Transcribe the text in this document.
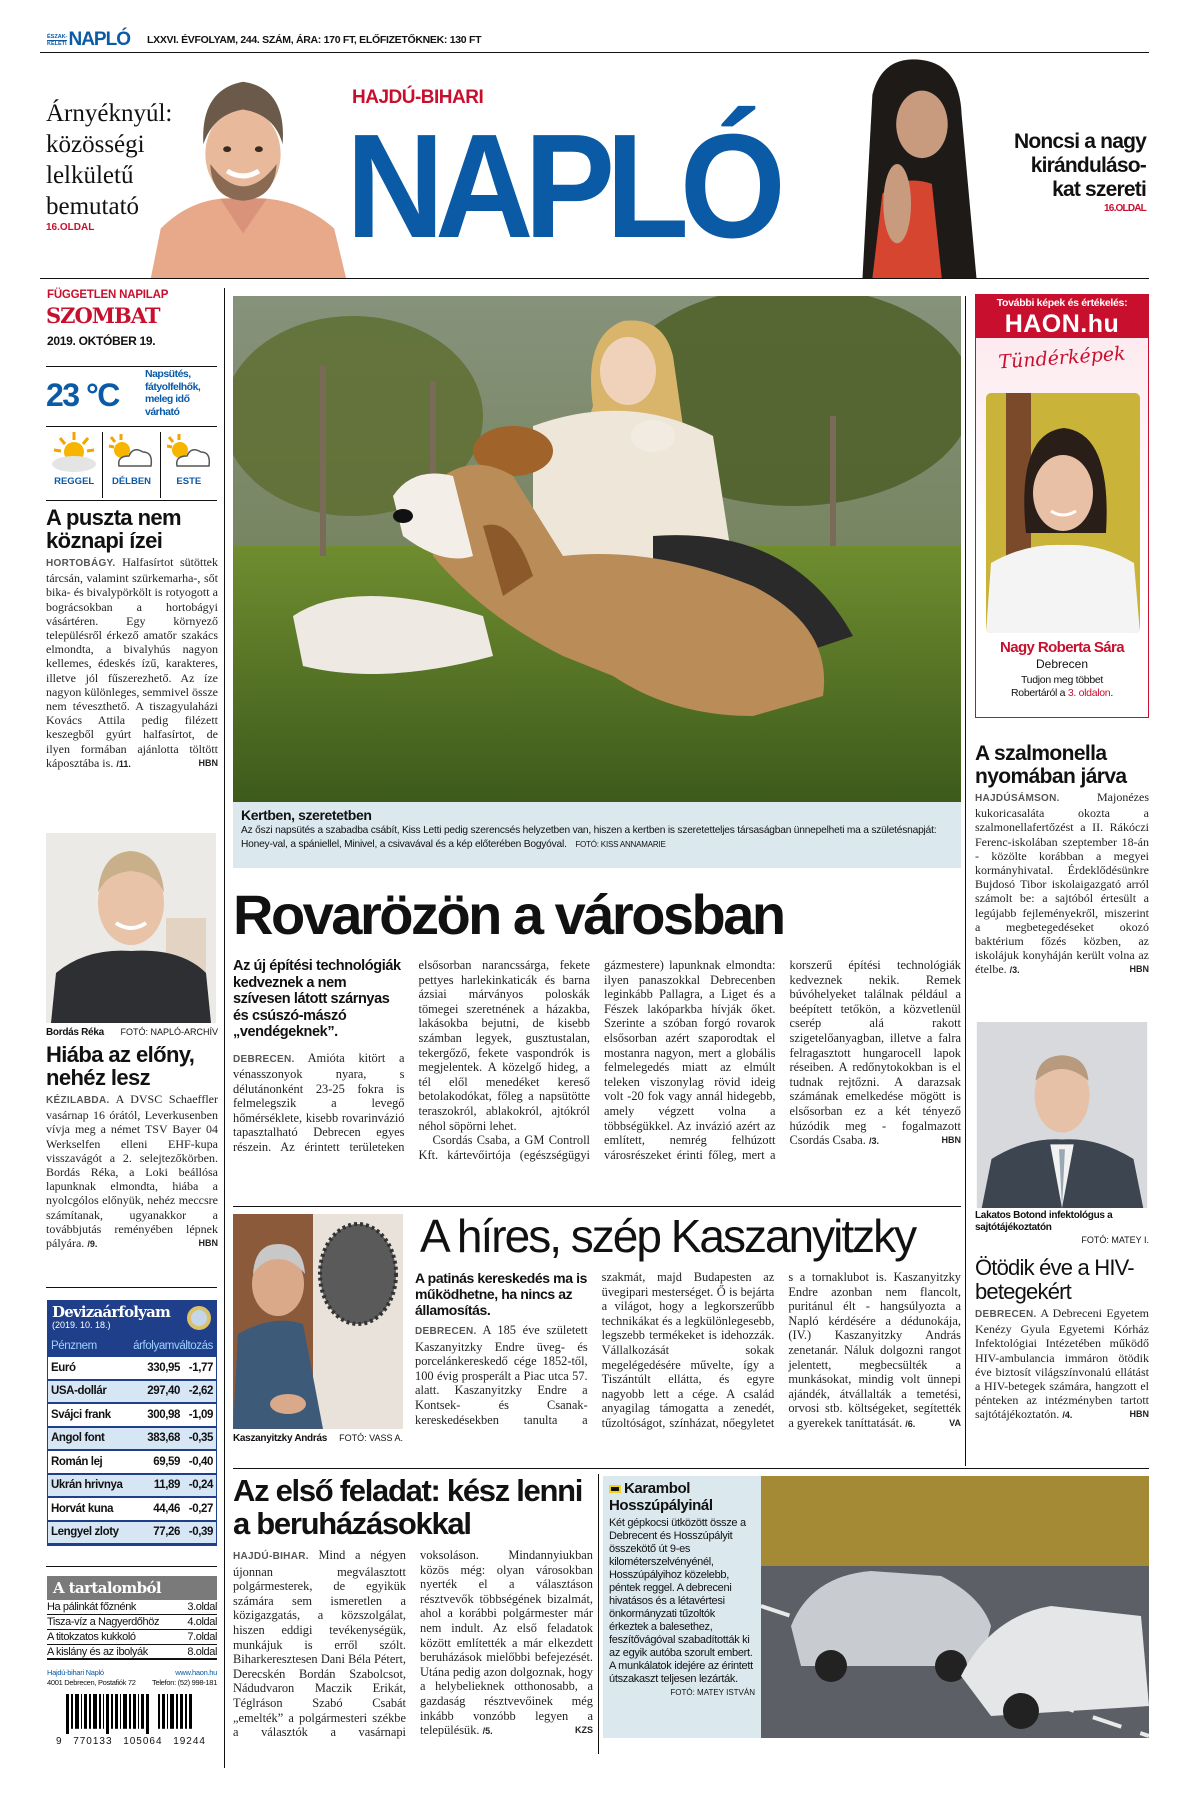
ÉSZAK-
KELETI NAPLÓ LXXVI. ÉVFOLYAM, 244. SZÁM, ÁRA: 170 FT, ELŐFIZETŐKNEK: 130 FT
Árnyéknyúl:
közösségi
lelkületű
bemutató
16.OLDAL
HAJDÚ-BIHARI
NAPLÓ	Noncsi a nagy
kiránduláso-
kat szereti
16.OLDAL
FÜGGETLEN NAPILAP
SZOMBAT
2019. OKTÓBER 19.
23 °C
Napsütés,
fátyolfelhők,
meleg idő
várható
REGGEL	DÉLBEN	ESTE
A puszta nem köznapi ízei
HORTOBÁGY. Halfasírtot sütöttek tárcsán, valamint szürkemarha-, sőt bika- és bivalypörkölt is rotyogott a bográcsokban a hortobágyi vásártéren. Egy környező településről érkező amatőr szakács elmondta, a bivalyhús nagyon kellemes, édeskés ízű, karakteres, illetve jól fűszerezhető. Az íze nagyon különleges, semmivel össze nem téveszthető. A tiszagyulaházi Kovács Attila pedig filézett keszegből gyúrt halfasírtot, de ilyen formában ajánlotta töltött káposztába is. /11.	HBN
Bordás Réka FOTÓ: NAPLÓ-ARCHÍV
Hiába az előny, nehéz lesz
KÉZILABDA. A DVSC Schaeffler vasárnap 16 órától, Leverkusenben vívja meg a német TSV Bayer 04 Werkselfen elleni EHF-kupa visszavágót a 2. selejtezőkörben. Bordás Réka, a Loki beállósa lapunknak elmondta, hiába a nyolcgólos előnyük, nehéz meccsre számítanak, ugyanakkor a továbbjutás reményében lépnek pályára. /9.	HBN
Devizaárfolyam
(2019. 10. 18.)
Pénznem	árfolyam változás
Euró	330,95 -1,77
USA-dollár	297,40 -2,62
Svájci frank	300,98 -1,09
Angol font	383,68 -0,35
Román lej	69,59 -0,40
Ukrán hrivnya	11,89 -0,24
Horvát kuna	44,46 -0,27
Lengyel zloty	77,26 -0,39
A tartalomból
Ha pálinkát főznénk	3.oldal
Tisza-víz a Nagyerdőhöz	4.oldal
A titokzatos kukkoló	7.oldal
A kislány és az ibolyák	8.oldal
Hajdú-bihari Napló	www.haon.hu
4001 Debrecen, Postafiók 72 Telefon: (52) 998-181
9 770133 105064 19244
Kertben, szeretetben
Az őszi napsütés a szabadba csábít, Kiss Letti pedig szerencsés helyzetben van, hiszen a kertben is szeretetteljes társaságban ünnepelheti ma a születésnapját: Honey-val, a spániellel, Minivel, a csivavával és a kép előterében Bogyóval. FOTÓ: KISS ANNAMARIE
Rovarözön a városban
Az új építési technológiák kedveznek a nem szívesen látott szárnyas és csúszó-mászó „vendégeknek”.
DEBRECEN. Amióta kitört a vénasszonyok nyara, s délutánonként 23-25 fokra is felmelegszik a levegő hőmérséklete, kisebb rovarinvázió tapasztalható Debrecen egyes részein. Az érintett területeken elsősorban narancssárga, fekete pettyes harlekinkaticák és barna ázsiai márványos poloskák tömegei szeretnének a házakba, lakásokba bejutni, de kisebb számban legyek, gusztustalan, tekergőző, fekete vaspondrók is megjelentek. A közelgő hideg, a tél elől menedéket kereső betolakodókat, főleg a napsütötte teraszokról, ablakokról, ajtókról néhol söpörni lehet.
Csordás Csaba, a GM Controll Kft. kártevőirtója (egészségügyi gázmestere) lapunknak elmondta: ilyen panaszokkal Debrecenben leginkább Pallagra, a Liget és a Fészek lakóparkba hívják őket. Szerinte a szóban forgó rovarok elsősorban azért szaporodtak el mostanra nagyon, mert a globális felmelegedés miatt az elmúlt teleken viszonylag rövid ideig volt -20 fok vagy annál hidegebb, amely végzett volna a többségükkel. Az invázió azért az említett, nemrég felhúzott városrészeket érinti főleg, mert a korszerű építési technológiák kedveznek nekik. Remek búvóhelyeket találnak például a beépített tetőkön, a közvetlenül cserép alá rakott szigetelőanyagban, illetve a falra felragasztott hungarocell lapok réseiben. A redőnytokokban is el tudnak rejtőzni. A darazsak számának emelkedése mögött is elsősorban ez a két tényező húzódik meg - fogalmazott Csordás Csaba. /3.	HBN
Kaszanyitzky András FOTÓ: VASS A.
A híres, szép Kaszanyitzky
A patinás kereskedés ma is működhetne, ha nincs az államosítás.
DEBRECEN. A 185 éve született Kaszanyitzky Endre üveg- és porcelánkereskedő cége 1852-től, 100 évig prosperált a Piac utca 57. alatt. Kaszanyitzky Endre a Kontsek- és Csanak-kereskedésekben tanulta a szakmát, majd Budapesten az üvegipari mesterséget. Ő is bejárta a világot, hogy a legkorszerűbb technikákat és a legkülönlegesebb, legszebb termékeket is idehozzák. Vállalkozását sokak megelégedésére művelte, így a Tiszántúlt ellátta, és egyre nagyobb lett a cége. A család anyagilag támogatta a zenedét, tűzoltóságot, színházat, nőegyletet s a tornaklubot is. Kaszanyitzky Endre azonban nem flancolt, puritánul élt - hangsúlyozta a Napló kérdésére a dédunokája, (IV.) Kaszanyitzky András zenetanár. Náluk dolgozni rangot jelentett, megbecsülték a munkásokat, mindig volt ünnepi ajándék, átvállalták a temetési, orvosi stb. költségeket, segítették a gyerekek taníttatását. /6.	VA
Az első feladat: kész lenni a beruházásokkal
HAJDÚ-BIHAR. Mind a négyen újonnan megválasztott polgármesterek, de egyikük számára sem ismeretlen a közigazgatás, a közszolgálat, hiszen eddigi tevékenységük, munkájuk is erről szólt. Biharkeresztesen Dani Béla Pétert, Derecskén Bordán Szabolcsot, Nádudvaron Maczik Erikát, Téglráson Szabó Csabát „emelték” a polgármesteri székbe a választók a vasárnapi voksoláson. Mindannyiukban közös még: olyan városokban nyerték el a választáson résztvevők többségének bizalmát, ahol a korábbi polgármester már nem indult. Az első feladatok között említették a már elkezdett beruházások mielőbbi befejezését. Utána pedig azon dolgoznak, hogy a helybelieknek otthonosabb, a gazdaság résztvevőinek még inkább vonzóbb legyen a településük. /5.	KZS
Karambol Hosszúpályinál
Két gépkocsi ütközött össze a Debrecent és Hosszúpályit összekötő út 9-es kilométerszelvényénél, Hosszúpályihoz közelebb, péntek reggel. A debreceni hivatásos és a létavértesi önkormányzati tűzoltók érkeztek a balesethez, feszítővágóval szabadították ki az egyik autóba szorult embert. A munkálatok idejére az érintett útszakaszt teljesen lezárták.
FOTÓ: MATEY ISTVÁN
További képek és értékelés:
HAON.hu
Tündérképek
Nagy Roberta Sára
Debrecen
Tudjon meg többet
Robertáról a 3. oldalon.
A szalmonella nyomában járva
HAJDÚSÁMSON.	Majonézes kukoricasaláta okozta a szalmonellafertőzést a II. Rákóczi Ferenc-iskolában szeptember 18-án - közölte korábban a megyei kormányhivatal. Érdeklődésünkre Bujdosó Tibor iskolaigazgató arról számolt be: a sajtóból értesült a legújabb fejleményekről, miszerint a megbetegedéseket okozó baktérium főzés közben, az iskolájuk konyháján került volna az ételbe. /3.	HBN
Lakatos Botond infektológus a sajtótájékoztatón
FOTÓ: MATEY I.
Ötödik éve a HIV-betegekért
DEBRECEN. A Debreceni Egyetem Kenézy Gyula Egyetemi Kórház Infektológiai Intézetében működő HIV-ambulancia immáron ötödik éve biztosít világszínvonalú ellátást a HIV-betegek számára, hangzott el pénteken az intézményben tartott sajtótájékoztatón. /4.	HBN
